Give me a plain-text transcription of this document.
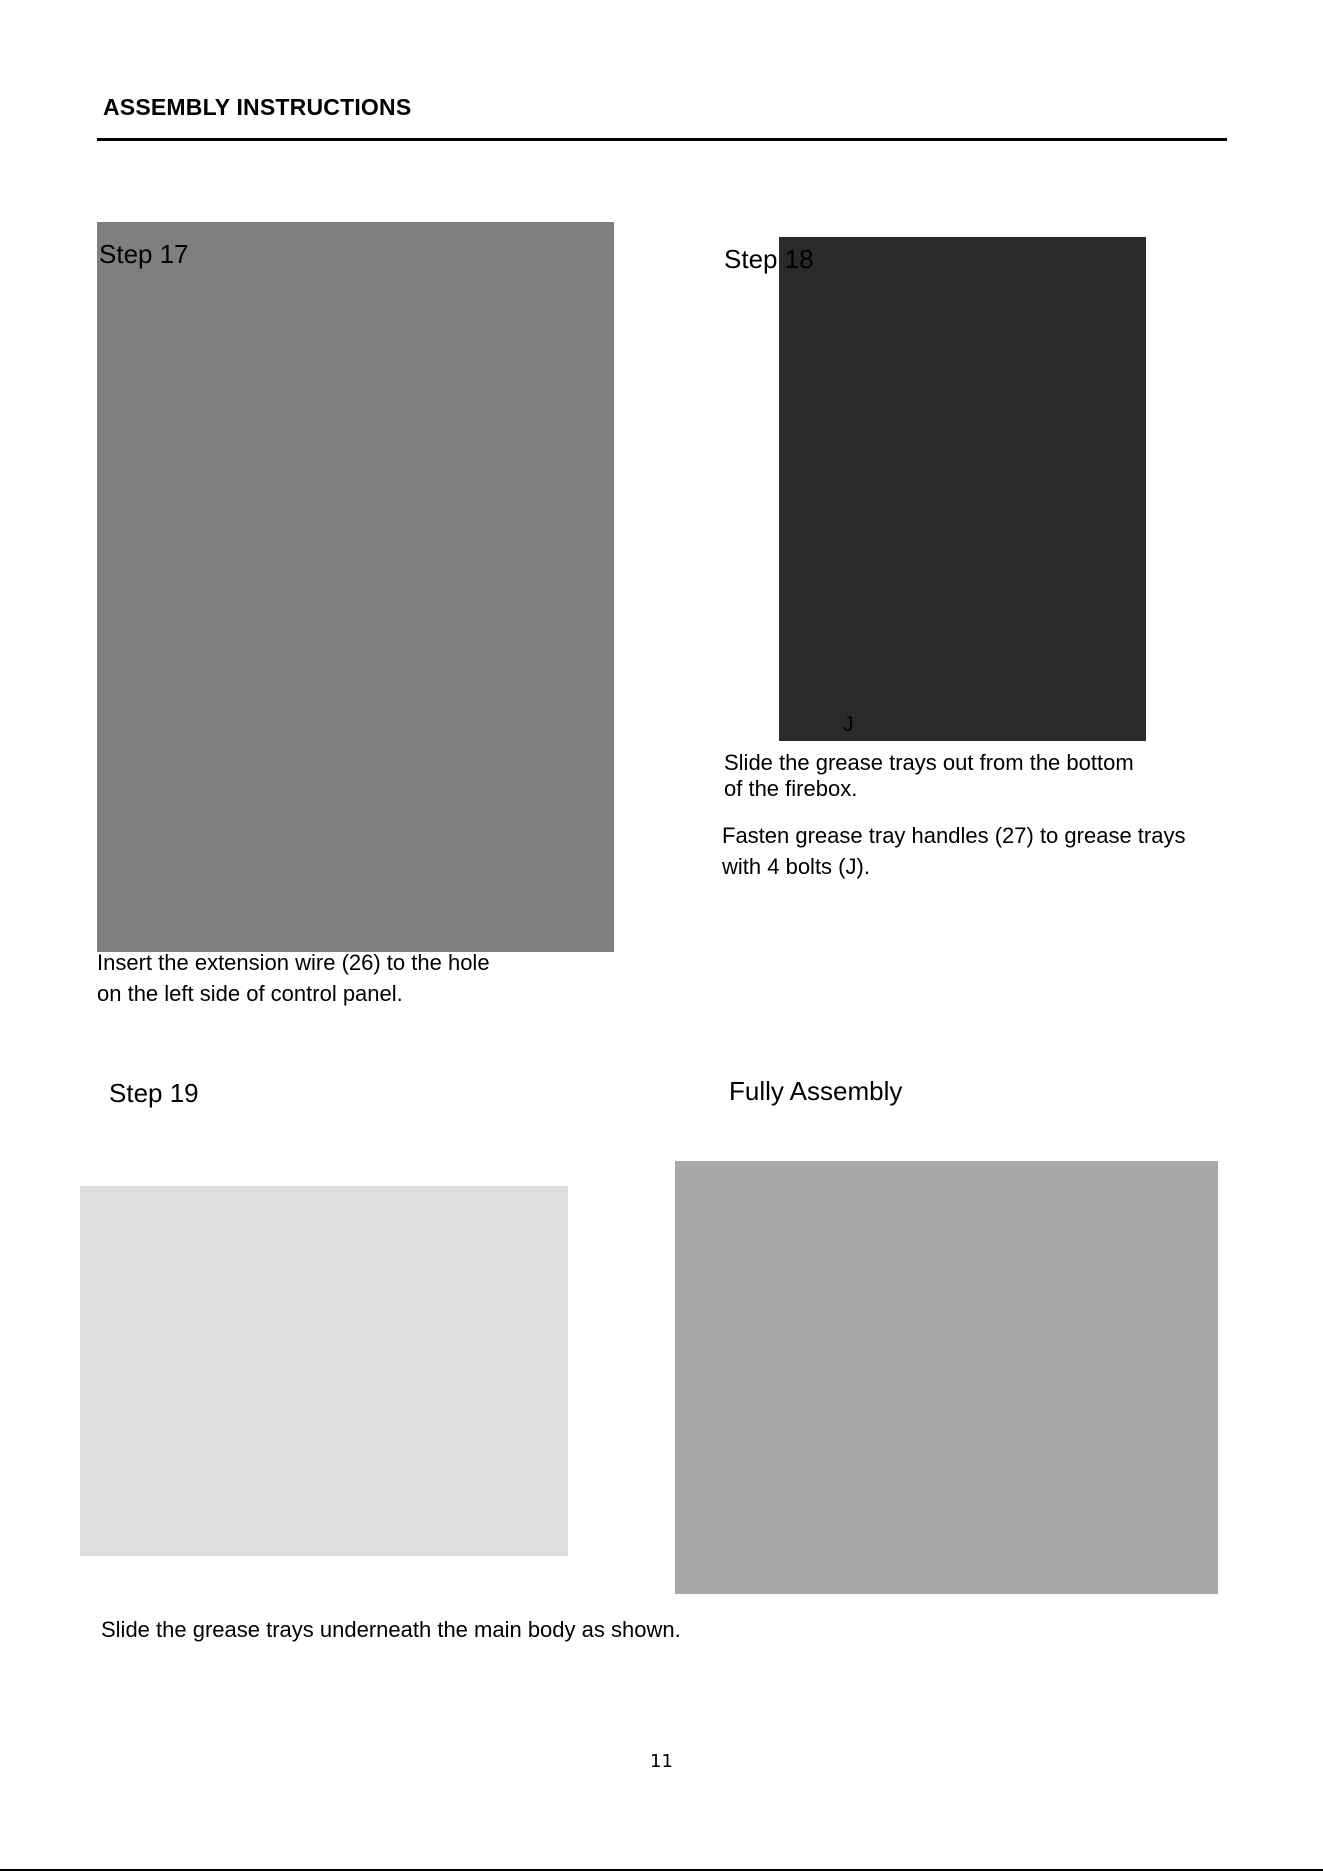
ASSEMBLY INSTRUCTIONS
Step 17
Insert the extension wire (26) to the hole
on the left side of control panel.
Step 18
J
Slide the grease trays out from the bottom
of the firebox.
Fasten grease tray handles (27) to grease trays
with 4 bolts (J).
Step 19
Slide the grease trays underneath the main body as shown.
Fully Assembly
11
